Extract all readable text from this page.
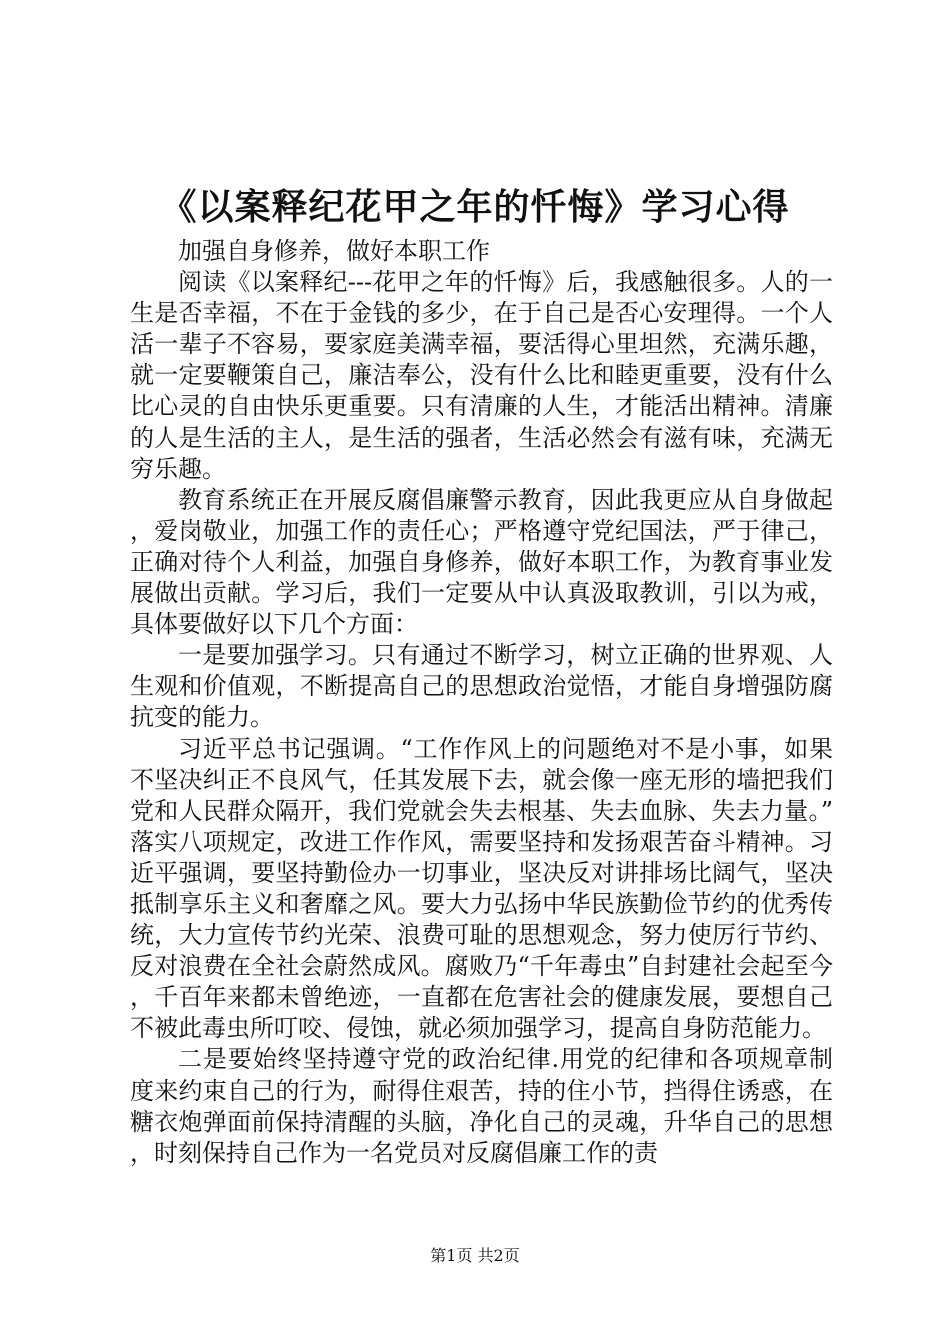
《以案释纪花甲之年的忏悔》学习心得

加强自身修养，做好本职工作

阅读《以案释纪---花甲之年的忏悔》后，我感触很多。人的一生是否幸福，不在于金钱的多少，在于自己是否心安理得。一个人活一辈子不容易，要家庭美满幸福，要活得心里坦然，充满乐趣，就一定要鞭策自己，廉洁奉公，没有什么比和睦更重要，没有什么比心灵的自由快乐更重要。只有清廉的人生，才能活出精神。清廉的人是生活的主人，是生活的强者，生活必然会有滋有味，充满无穷乐趣。

教育系统正在开展反腐倡廉警示教育，因此我更应从自身做起，爱岗敬业，加强工作的责任心；严格遵守党纪国法，严于律己，正确对待个人利益，加强自身修养，做好本职工作，为教育事业发展做出贡献。学习后，我们一定要从中认真汲取教训，引以为戒，具体要做好以下几个方面：

一是要加强学习。只有通过不断学习，树立正确的世界观、人生观和价值观，不断提高自己的思想政治觉悟，才能自身增强防腐抗变的能力。

习近平总书记强调。“工作作风上的问题绝对不是小事，如果不坚决纠正不良风气，任其发展下去，就会像一座无形的墙把我们党和人民群众隔开，我们党就会失去根基、失去血脉、失去力量。”落实八项规定，改进工作作风，需要坚持和发扬艰苦奋斗精神。习近平强调，要坚持勤俭办一切事业，坚决反对讲排场比阔气，坚决抵制享乐主义和奢靡之风。要大力弘扬中华民族勤俭节约的优秀传统，大力宣传节约光荣、浪费可耻的思想观念，努力使厉行节约、反对浪费在全社会蔚然成风。腐败乃“千年毒虫”自封建社会起至今，千百年来都未曾绝迹，一直都在危害社会的健康发展，要想自己不被此毒虫所叮咬、侵蚀，就必须加强学习，提高自身防范能力。

二是要始终坚持遵守党的政治纪律.用党的纪律和各项规章制度来约束自己的行为，耐得住艰苦，持的住小节，挡得住诱惑，在糖衣炮弹面前保持清醒的头脑，净化自己的灵魂，升华自己的思想，时刻保持自己作为一名党员对反腐倡廉工作的责

第1页 共2页
